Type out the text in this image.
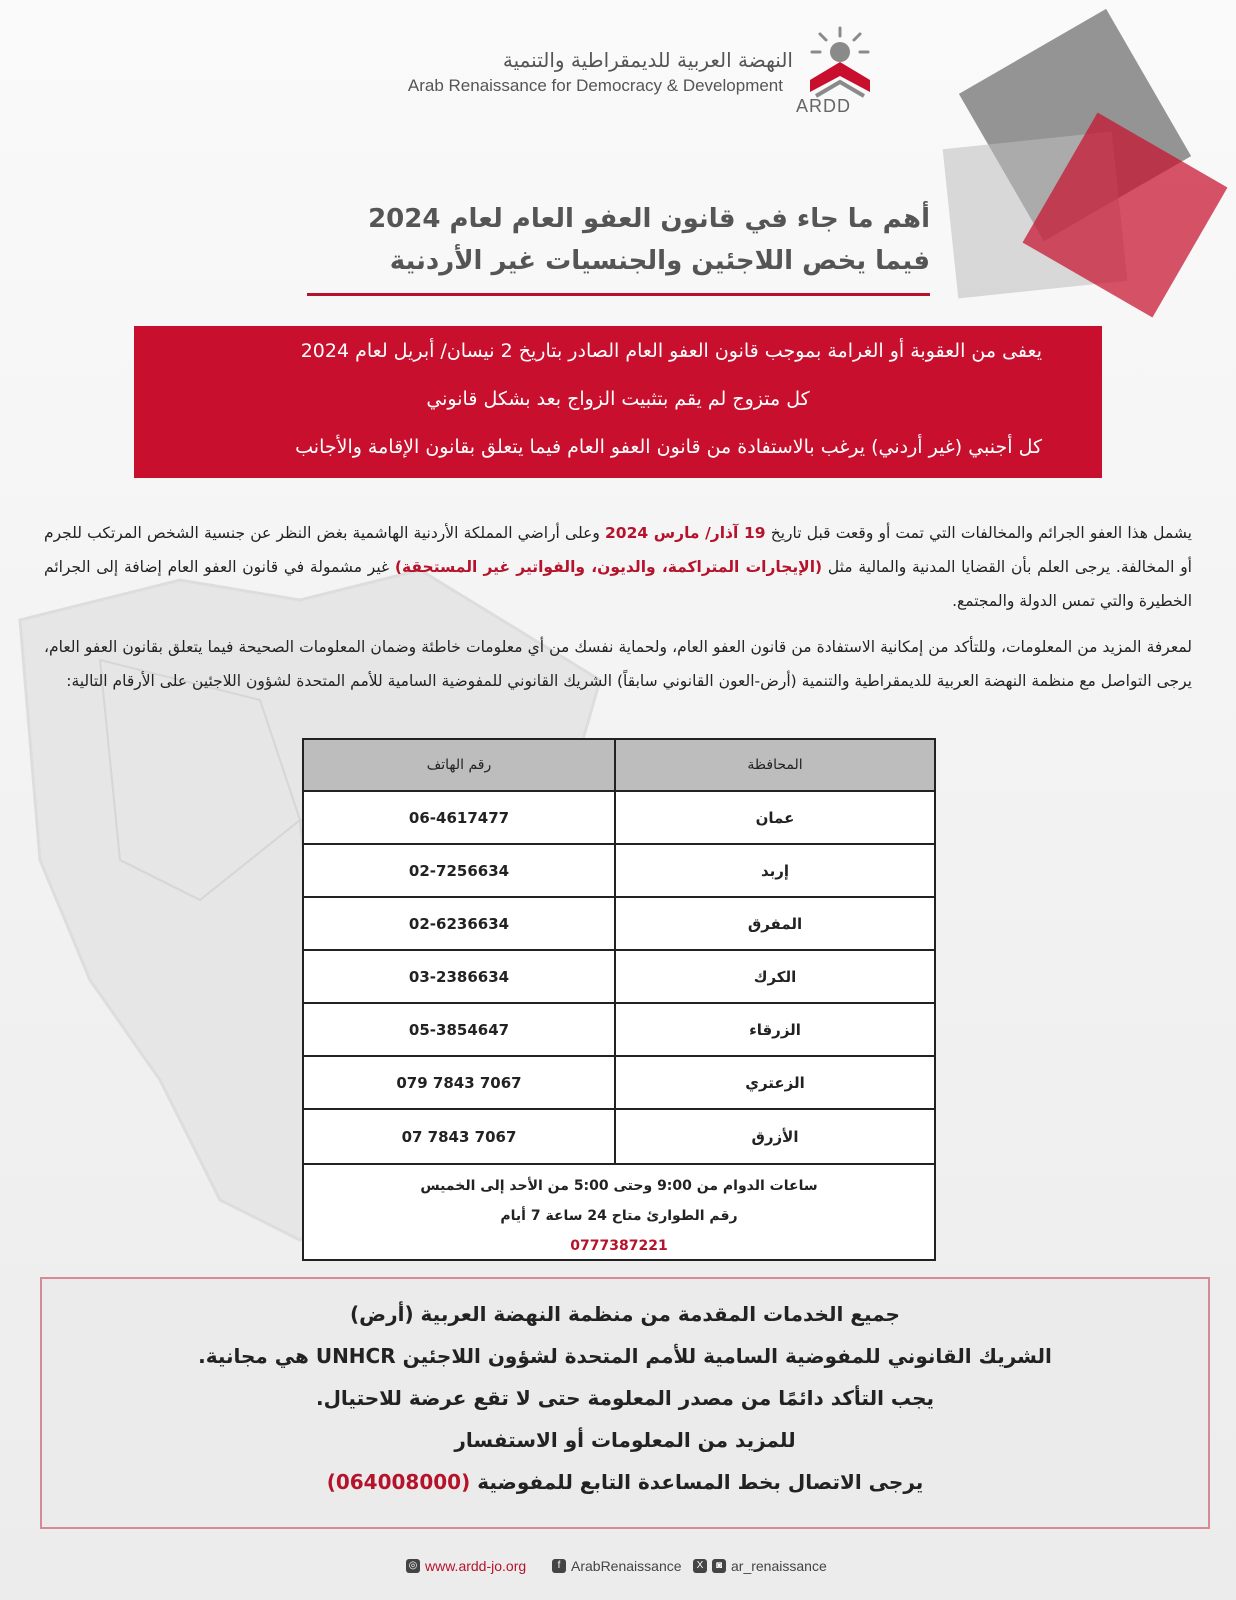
ARDD
النهضة العربية للديمقراطية والتنمية
Arab Renaissance for Democracy & Development
أهم ما جاء في قانون العفو العام لعام 2024
فيما يخص اللاجئين والجنسيات غير الأردنية

يعفى من العقوبة أو الغرامة بموجب قانون العفو العام الصادر بتاريخ 2 نيسان/ أبريل لعام 2024

كل متزوج لم يقم بتثبيت الزواج بعد بشكل قانوني

كل أجنبي (غير أردني) يرغب بالاستفادة من قانون العفو العام فيما يتعلق بقانون الإقامة والأجانب

يشمل هذا العفو الجرائم والمخالفات التي تمت أو وقعت قبل تاريخ 19 آذار/ مارس 2024 وعلى أراضي المملكة الأردنية الهاشمية بغض النظر عن جنسية الشخص المرتكب للجرم أو المخالفة. يرجى العلم بأن القضايا المدنية والمالية مثل (الإيجارات المتراكمة، والديون، والفواتير غير المستحقة) غير مشمولة في قانون العفو العام إضافة إلى الجرائم الخطيرة والتي تمس الدولة والمجتمع.
لمعرفة المزيد من المعلومات، وللتأكد من إمكانية الاستفادة من قانون العفو العام، ولحماية نفسك من أي معلومات خاطئة وضمان المعلومات الصحيحة فيما يتعلق بقانون العفو العام، يرجى التواصل مع منظمة النهضة العربية للديمقراطية والتنمية (أرض-العون القانوني سابقاً) الشريك القانوني للمفوضية السامية للأمم المتحدة لشؤون اللاجئين على الأرقام التالية:
رقم الهاتف	المحافظة
06-4617477	عمان
02-7256634	إربد
02-6236634	المفرق
03-2386634	الكرك
05-3854647	الزرقاء
079 7843 7067	الزعتري
07 7843 7067	الأزرق
ساعات الدوام من 9:00 وحتى 5:00 من الأحد إلى الخميس
رقم الطوارئ متاح 24 ساعة 7 أيام
0777387221

جميع الخدمات المقدمة من منظمة النهضة العربية (أرض)

الشريك القانوني للمفوضية السامية للأمم المتحدة لشؤون اللاجئين UNHCR هي مجانية.

يجب التأكد دائمًا من مصدر المعلومة حتى لا تقع عرضة للاحتيال.

للمزيد من المعلومات أو الاستفسار

يرجى الاتصال بخط المساعدة التابع للمفوضية (064008000)

◎ www.ardd-jo.org	f ArabRenaissance	X	◙ ar_renaissance
